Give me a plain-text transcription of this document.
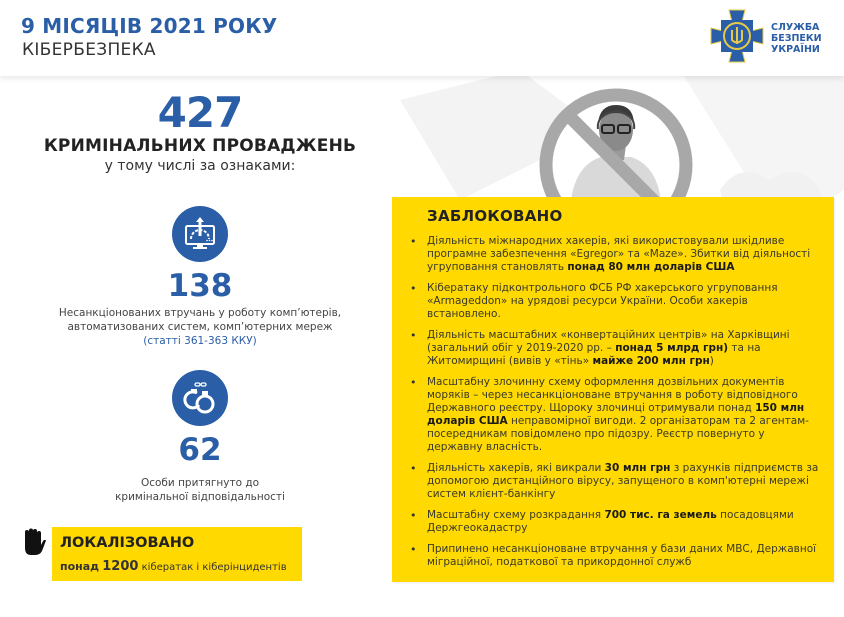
9 МІСЯЦІВ 2021 РОКУ
КІБЕРБЕЗПЕКА
СЛУЖБА
БЕЗПЕКИ
УКРАЇНИ
427
КРИМІНАЛЬНИХ ПРОВАДЖЕНЬ
у тому числі за ознаками:
138
Несанкціонованих втручань у роботу комп’ютерів,
автоматизованих систем, комп’ютерних мереж
(статті 361-363 ККУ)
62
Особи притягнуто до
кримінальної відповідальності
ЛОКАЛІЗОВАНО
понад 1200 кібератак і кіберінцидентів
ЗАБЛОКОВАНО
• Діяльність міжнародних хакерів, які використовували шкідливе програмне забезпечення «Egregor» та «Maze». Збитки від діяльності угруповання становлять понад 80 млн доларів США
• Кібератаку підконтрольного ФСБ РФ хакерського угруповання «Armageddon» на урядові ресурси України. Особи хакерів встановлено.
• Діяльність масштабних «конвертаційних центрів» на Харківщині (загальний обіг у 2019-2020 рр. – понад 5 млрд грн) та на Житомирщині (вивів у «тінь» майже 200 млн грн)
• Масштабну злочинну схему оформлення дозвільних документів моряків – через несанкціоноване втручання в роботу відповідного Державного реєстру. Щороку злочинці отримували понад 150 млн доларів США неправомірної вигоди. 2 організаторам та 2 агентам-посередникам повідомлено про підозру. Реєстр повернуто у державну власність.
• Діяльність хакерів, які викрали 30 млн грн з рахунків підприємств за допомогою дистанційного вірусу, запущеного в комп'ютерні мережі систем клієнт-банкінгу
• Масштабну схему розкрадання 700 тис. га земель посадовцями Держгеокадастру
• Припинено несанкціоноване втручання у бази даних МВС, Державної міграційної, податкової та прикордонної служб
